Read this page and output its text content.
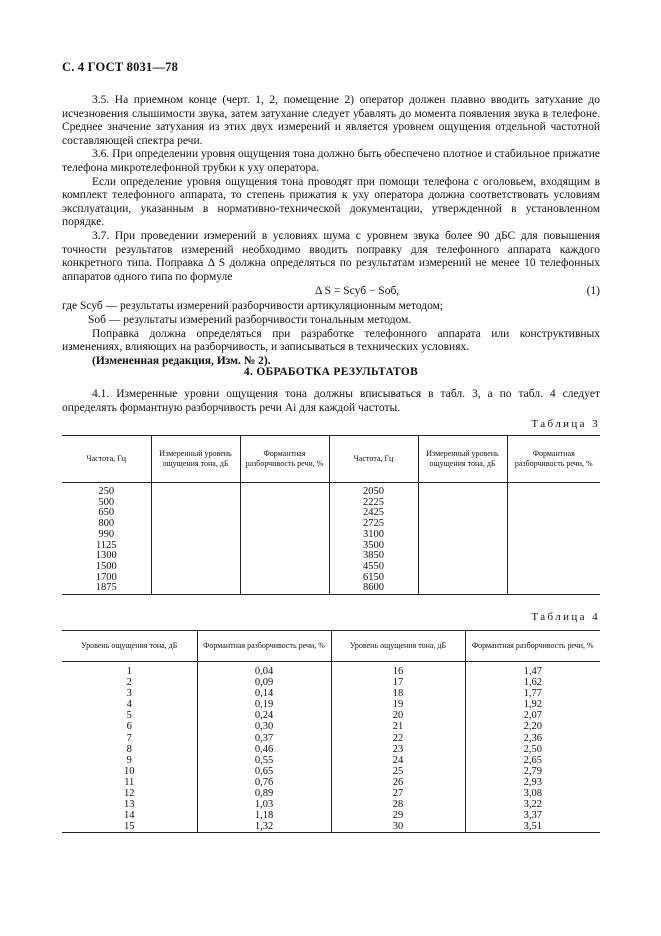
С. 4 ГОСТ 8031—78

3.5. На приемном конце (черт. 1, 2, помещение 2) оператор должен плавно вводить затухание до исчезновения слышимости звука, затем затухание следует убавлять до момента появления звука в телефоне. Среднее значение затухания из этих двух измерений и является уровнем ощущения отдельной частотной составляющей спектра речи.

3.6. При определении уровня ощущения тона должно быть обеспечено плотное и стабильное прижатие телефона микротелефонной трубки к уху оператора.

Если определение уровня ощущения тона проводят при помощи телефона с оголовьем, входящим в комплект телефонного аппарата, то степень прижатия к уху оператора должна соответствовать условиям эксплуатации, указанным в нормативно-технической документации, утвержденной в установленном порядке.

3.7. При проведении измерений в условиях шума с уровнем звука более 90 дБС для повышения точности результатов измерений необходимо вводить поправку для телефонного аппарата каждого конкретного типа. Поправка Δ S должна определяться по результатам измерений не менее 10 телефонных аппаратов одного типа по формуле

Δ S = Sсуб − Sоб,	(1)

где Sсуб — результаты измерений разборчивости артикуляционным методом;

Sоб — результаты измерений разборчивости тональным методом.

Поправка должна определяться при разработке телефонного аппарата или конструктивных изменениях, влияющих на разборчивость, и записываться в технических условиях.

(Измененная редакция, Изм. № 2).

4. ОБРАБОТКА РЕЗУЛЬТАТОВ

4.1. Измеренные уровни ощущения тона должны вписываться в табл. 3, а по табл. 4 следует определять формантную разборчивость речи Ai для каждой частоты.

Таблица 3
Частота, Гц	Измеренный уровень ощущения тона, дБ	Формантная разборчивость речи, %	Частота, Гц	Измеренный уровень ощущения тона, дБ	Формантная разборчивость речи, %
250			2050		
500			2225		
650			2425		
800			2725		
990			3100		
1125			3500		
1300			3850		
1500			4550		
1700			6150		
1875			8600		
Таблица 4
Уровень ощущения тона, дБ	Формантная разборчивость речи, %	Уровень ощущения тона, дБ	Формантная разборчивость речи, %
1	0,04	16	1,47
2	0,09	17	1,62
3	0,14	18	1,77
4	0,19	19	1,92
5	0,24	20	2,07
6	0,30	21	2,20
7	0,37	22	2,36
8	0,46	23	2,50
9	0,55	24	2,65
10	0,65	25	2,79
11	0,76	26	2,93
12	0,89	27	3,08
13	1,03	28	3,22
14	1,18	29	3,37
15	1,32	30	3,51
